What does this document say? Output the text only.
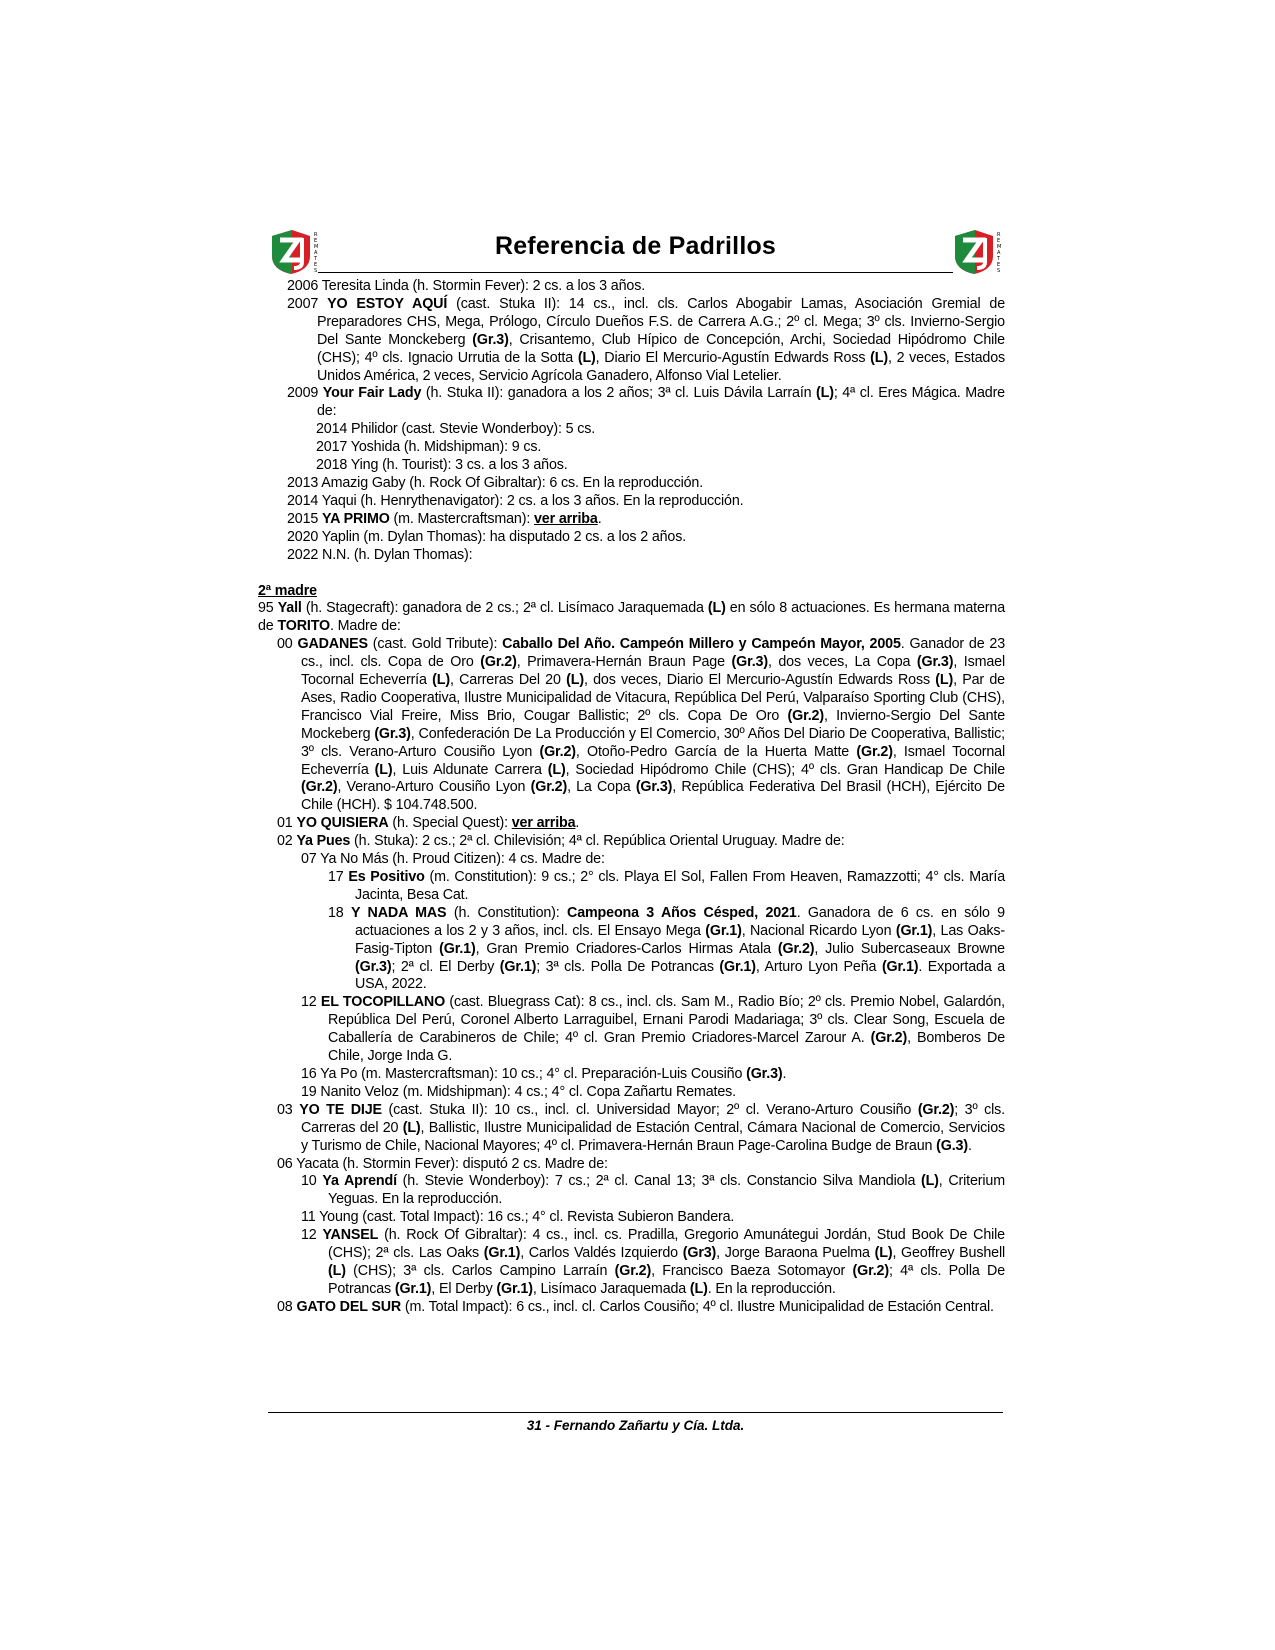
R
E
M
A
T
E
S
Referencia de Padrillos	R
E
M
A
T
E
S

2006 Teresita Linda (h. Stormin Fever): 2 cs. a los 3 años.

2007 YO ESTOY AQUÍ (cast. Stuka II): 14 cs., incl. cls. Carlos Abogabir Lamas, Asociación Gremial de Preparadores CHS, Mega, Prólogo, Círculo Dueños F.S. de Carrera A.G.; 2º cl. Mega; 3º cls. Invierno-Sergio Del Sante Monckeberg (Gr.3), Crisantemo, Club Hípico de Concepción, Archi, Sociedad Hipódromo Chile (CHS); 4º cls. Ignacio Urrutia de la Sotta (L), Diario El Mercurio-Agustín Edwards Ross (L), 2 veces, Estados Unidos América, 2 veces, Servicio Agrícola Ganadero, Alfonso Vial Letelier.

2009 Your Fair Lady (h. Stuka II): ganadora a los 2 años; 3ª cl. Luis Dávila Larraín (L); 4ª cl. Eres Mágica. Madre de:

2014 Philidor (cast. Stevie Wonderboy): 5 cs.

2017 Yoshida (h. Midshipman): 9 cs.

2018 Ying (h. Tourist): 3 cs. a los 3 años.

2013 Amazig Gaby (h. Rock Of Gibraltar): 6 cs. En la reproducción.

2014 Yaqui (h. Henrythenavigator): 2 cs. a los 3 años. En la reproducción.

2015 YA PRIMO (m. Mastercraftsman): ver arriba.

2020 Yaplin (m. Dylan Thomas): ha disputado 2 cs. a los 2 años.

2022 N.N. (h. Dylan Thomas):

2ª madre

95 Yall (h. Stagecraft): ganadora de 2 cs.; 2ª cl. Lisímaco Jaraquemada (L) en sólo 8 actuaciones. Es hermana materna de TORITO. Madre de:

00 GADANES (cast. Gold Tribute): Caballo Del Año. Campeón Millero y Campeón Mayor, 2005. Ganador de 23 cs., incl. cls. Copa de Oro (Gr.2), Primavera-Hernán Braun Page (Gr.3), dos veces, La Copa (Gr.3), Ismael Tocornal Echeverría (L), Carreras Del 20 (L), dos veces, Diario El Mercurio-Agustín Edwards Ross (L), Par de Ases, Radio Cooperativa, Ilustre Municipalidad de Vitacura, República Del Perú, Valparaíso Sporting Club (CHS), Francisco Vial Freire, Miss Brio, Cougar Ballistic; 2º cls. Copa De Oro (Gr.2), Invierno-Sergio Del Sante Mockeberg (Gr.3), Confederación De La Producción y El Comercio, 30º Años Del Diario De Cooperativa, Ballistic; 3º cls. Verano-Arturo Cousiño Lyon (Gr.2), Otoño-Pedro García de la Huerta Matte (Gr.2), Ismael Tocornal Echeverría (L), Luis Aldunate Carrera (L), Sociedad Hipódromo Chile (CHS); 4º cls. Gran Handicap De Chile (Gr.2), Verano-Arturo Cousiño Lyon (Gr.2), La Copa (Gr.3), República Federativa Del Brasil (HCH), Ejército De Chile (HCH). $ 104.748.500.

01 YO QUISIERA (h. Special Quest): ver arriba.

02 Ya Pues (h. Stuka): 2 cs.; 2ª cl. Chilevisión; 4ª cl. República Oriental Uruguay. Madre de:

07 Ya No Más (h. Proud Citizen): 4 cs. Madre de:

17 Es Positivo (m. Constitution): 9 cs.; 2° cls. Playa El Sol, Fallen From Heaven, Ramazzotti; 4° cls. María Jacinta, Besa Cat.

18 Y NADA MAS (h. Constitution): Campeona 3 Años Césped, 2021. Ganadora de 6 cs. en sólo 9 actuaciones a los 2 y 3 años, incl. cls. El Ensayo Mega (Gr.1), Nacional Ricardo Lyon (Gr.1), Las Oaks-Fasig-Tipton (Gr.1), Gran Premio Criadores-Carlos Hirmas Atala (Gr.2), Julio Subercaseaux Browne (Gr.3); 2ª cl. El Derby (Gr.1); 3ª cls. Polla De Potrancas (Gr.1), Arturo Lyon Peña (Gr.1). Exportada a USA, 2022.

12 EL TOCOPILLANO (cast. Bluegrass Cat): 8 cs., incl. cls. Sam M., Radio Bío; 2º cls. Premio Nobel, Galardón, República Del Perú, Coronel Alberto Larraguibel, Ernani Parodi Madariaga; 3º cls. Clear Song, Escuela de Caballería de Carabineros de Chile; 4º cl. Gran Premio Criadores-Marcel Zarour A. (Gr.2), Bomberos De Chile, Jorge Inda G.

16 Ya Po (m. Mastercraftsman): 10 cs.; 4° cl. Preparación-Luis Cousiño (Gr.3).

19 Nanito Veloz (m. Midshipman): 4 cs.; 4° cl. Copa Zañartu Remates.

03 YO TE DIJE (cast. Stuka II): 10 cs., incl. cl. Universidad Mayor; 2º cl. Verano-Arturo Cousiño (Gr.2); 3º cls. Carreras del 20 (L), Ballistic, Ilustre Municipalidad de Estación Central, Cámara Nacional de Comercio, Servicios y Turismo de Chile, Nacional Mayores; 4º cl. Primavera-Hernán Braun Page-Carolina Budge de Braun (G.3).

06 Yacata (h. Stormin Fever): disputó 2 cs. Madre de:

10 Ya Aprendí (h. Stevie Wonderboy): 7 cs.; 2ª cl. Canal 13; 3ª cls. Constancio Silva Mandiola (L), Criterium Yeguas. En la reproducción.

11 Young (cast. Total Impact): 16 cs.; 4° cl. Revista Subieron Bandera.

12 YANSEL (h. Rock Of Gibraltar): 4 cs., incl. cs. Pradilla, Gregorio Amunátegui Jordán, Stud Book De Chile (CHS); 2ª cls. Las Oaks (Gr.1), Carlos Valdés Izquierdo (Gr3), Jorge Baraona Puelma (L), Geoffrey Bushell (L) (CHS); 3ª cls. Carlos Campino Larraín (Gr.2), Francisco Baeza Sotomayor (Gr.2); 4ª cls. Polla De Potrancas (Gr.1), El Derby (Gr.1), Lisímaco Jaraquemada (L). En la reproducción.

08 GATO DEL SUR (m. Total Impact): 6 cs., incl. cl. Carlos Cousiño; 4º cl. Ilustre Municipalidad de Estación Central.

31 - Fernando Zañartu y Cía. Ltda.
